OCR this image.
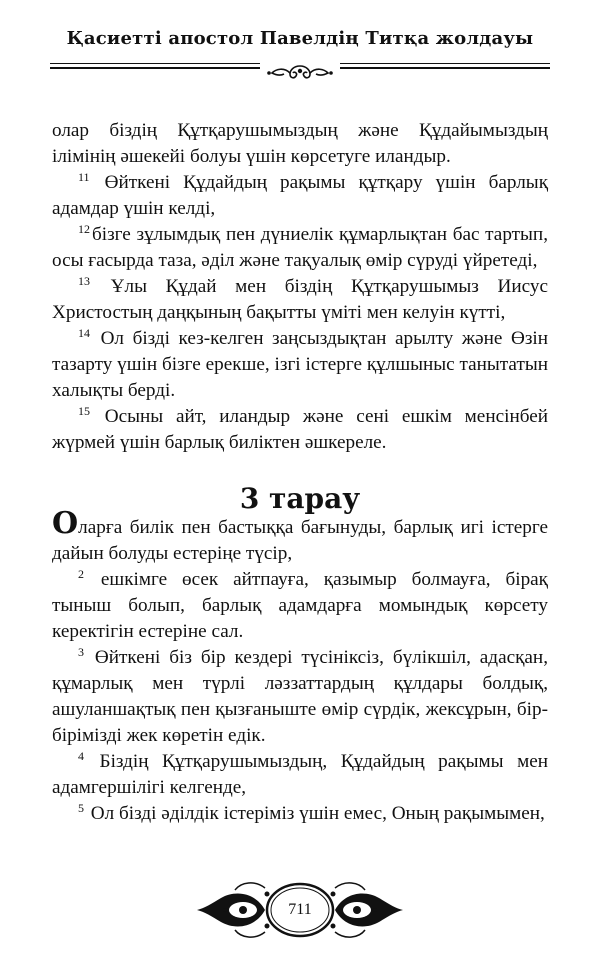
Қасиетті апостол Павелдің Титқа жолдауы

олар біздің Құтқарушымыздың және Құдайымыздың ілімінің әшекейі болуы үшін көрсетуге иландыр.

$^{11}$ Өйткені Құдайдың рақымы құтқару үшін барлық адамдар үшін келді,

$^{12}$ бізге зұлымдық пен дүниелік құмарлықтан бас тартып, осы ғасырда таза, әділ және тақуалық өмір сүруді үйретеді,

$^{13}$ Ұлы Құдай мен біздің Құтқарушымыз Иисус Христостың даңқының бақытты үміті мен келуін күтті,

$^{14}$ Ол бізді кез-келген заңсыздықтан арылту және Өзін тазарту үшін бізге ерекше, ізгі істерге құлшыныс танытатын халықты берді.

$^{15}$ Осыны айт, иландыр және сені ешкім менсінбей жүрмей үшін барлық биліктен әшкереле.

3 тарау

Оларға билік пен бастыққа бағынуды, барлық игі істерге дайын болуды естеріңе түсір,

$^2$ ешкімге өсек айтпауға, қазымыр болмауға, бірақ тыныш болып, барлық адамдарға момындық көрсету керектігін естеріне сал.

$^3$ Өйткені біз бір кездері түсініксіз, бүлікшіл, адасқан, құмарлық мен түрлі ләззаттардың құлдары болдық, ашуланшақтық пен қызғаныште өмір сүрдік, жексұрын, бір-бірімізді жек көретін едік.

$^4$ Біздің Құтқарушымыздың, Құдайдың рақымы мен адамгершілігі келгенде,

$^5$ Ол бізді әділдік істеріміз үшін емес, Оның рақымымен,

711
